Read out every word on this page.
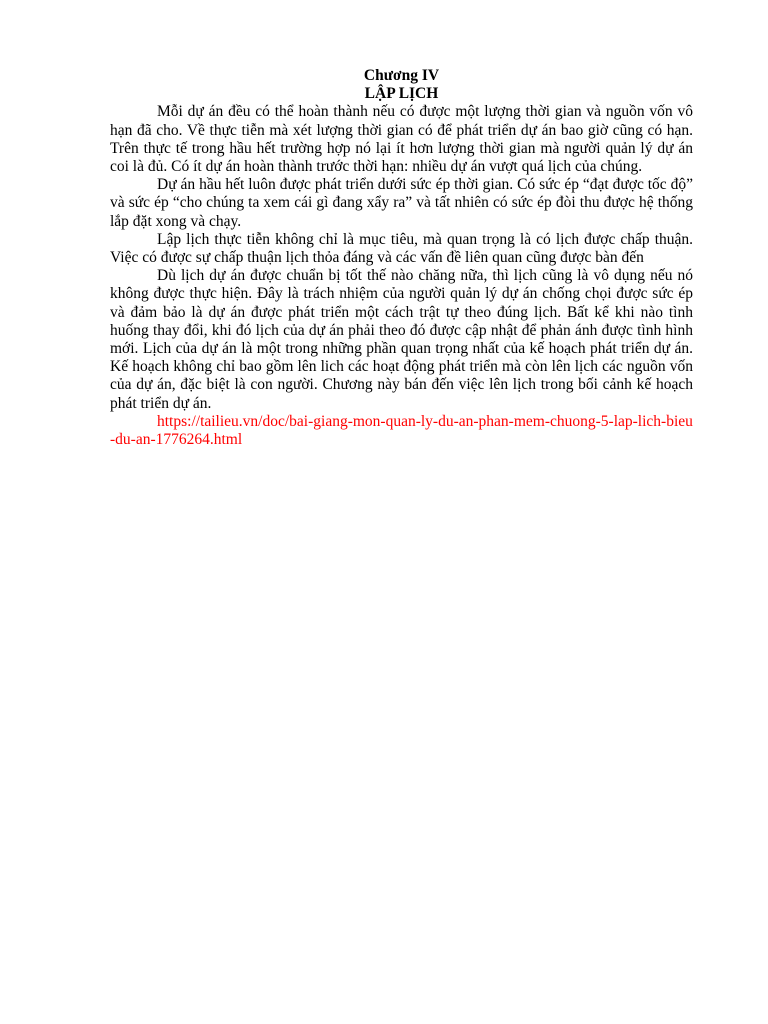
Chương IV

LẬP LỊCH

Mỗi dự án đều có thể hoàn thành nếu có được một lượng thời gian và nguồn vốn vô hạn đã cho. Về thực tiễn mà xét lượng thời gian có để phát triển dự án bao giờ cũng có hạn. Trên thực tế trong hầu hết trường hợp nó lại ít hơn lượng thời gian mà người quản lý dự án coi là đủ. Có ít dự án hoàn thành trước thời hạn: nhiều dự án vượt quá lịch của chúng.

Dự án hầu hết luôn được phát triển dưới sức ép thời gian. Có sức ép “đạt được tốc độ” và sức ép “cho chúng ta xem cái gì đang xẩy ra” và tất nhiên có sức ép đòi thu được hệ thống lắp đặt xong và chạy.

Lập lịch thực tiễn không chỉ là mục tiêu, mà quan trọng là có lịch được chấp thuận. Việc có được sự chấp thuận lịch thỏa đáng và các vấn đề liên quan cũng được bàn đến

Dù lịch dự án được chuẩn bị tốt thế nào chăng nữa, thì lịch cũng là vô dụng nếu nó không được thực hiện. Đây là trách nhiệm của người quản lý dự án chống chọi được sức ép và đảm bảo là dự án được phát triển một cách trật tự theo đúng lịch. Bất kể khi nào tình huống thay đổi, khi đó lịch của dự án phải theo đó được cập nhật để phản ánh được tình hình mới. Lịch của dự án là một trong những phần quan trọng nhất của kế hoạch phát triển dự án. Kế hoạch không chỉ bao gồm lên lich các hoạt động phát triển mà còn lên lịch các nguồn vốn của dự án, đặc biệt là con người. Chương này bán đến việc lên lịch trong bối cảnh kế hoạch phát triển dự án.

https://tailieu.vn/doc/bai-giang-mon-quan-ly-du-an-phan-mem-chuong-5-lap-lich-bieu-du-an-1776264.html
